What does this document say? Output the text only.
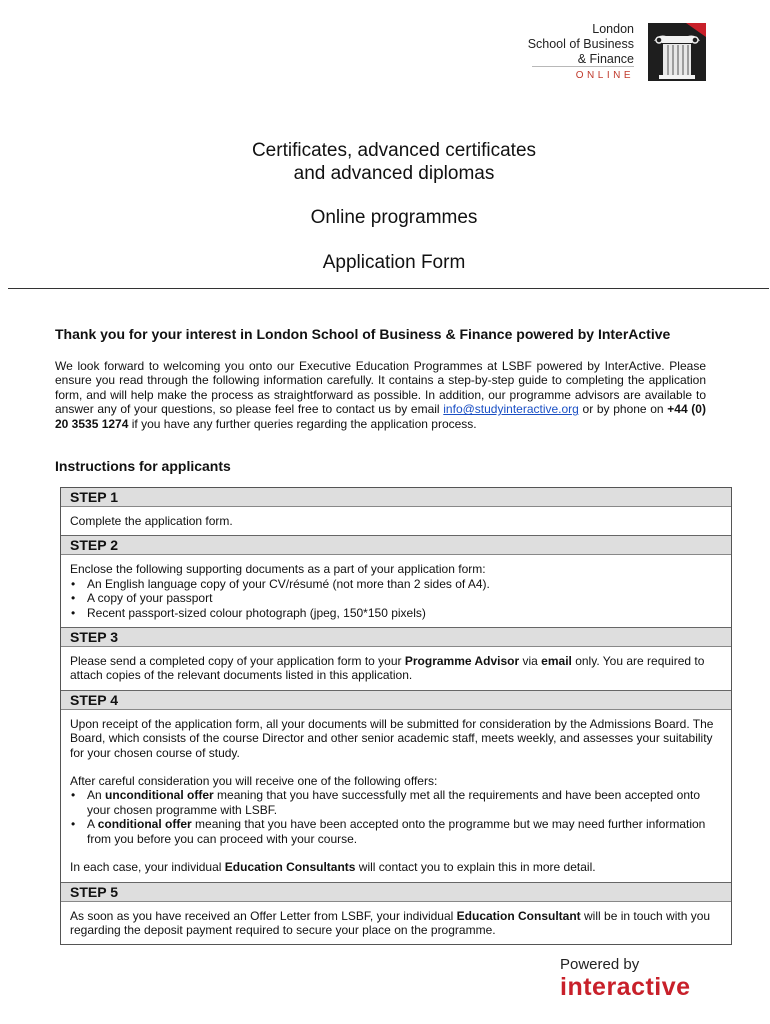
London
School of Business
& Finance
ONLINE
Certificates, advanced certificates
and advanced diplomas
Online programmes
Application Form
Thank you for your interest in London School of Business & Finance powered by InterActive
We look forward to welcoming you onto our Executive Education Programmes at LSBF powered by InterActive. Please ensure you read through the following information carefully. It contains a step-by-step guide to completing the application form, and will help make the process as straightforward as possible. In addition, our programme advisors are available to answer any of your questions, so please feel free to contact us by email info@studyinteractive.org or by phone on +44 (0) 20 3535 1274 if you have any further queries regarding the application process.
Instructions for applicants
STEP 1

Complete the application form.

STEP 2

Enclose the following supporting documents as a part of your application form:

• An English language copy of your CV/résumé (not more than 2 sides of A4).
• A copy of your passport
• Recent passport-sized colour photograph (jpeg, 150*150 pixels)
STEP 3

Please send a completed copy of your application form to your Programme Advisor via email only. You are required to attach copies of the relevant documents listed in this application.

STEP 4

Upon receipt of the application form, all your documents will be submitted for consideration by the Admissions Board. The Board, which consists of the course Director and other senior academic staff, meets weekly, and assesses your suitability for your chosen course of study.

After careful consideration you will receive one of the following offers:

• An unconditional offer meaning that you have successfully met all the requirements and have been accepted onto your chosen programme with LSBF.
• A conditional offer meaning that you have been accepted onto the programme but we may need further information from you before you can proceed with your course.

In each case, your individual Education Consultants will contact you to explain this in more detail.

STEP 5

As soon as you have received an Offer Letter from LSBF, your individual Education Consultant will be in touch with you regarding the deposit payment required to secure your place on the programme.

Powered by
interactive
